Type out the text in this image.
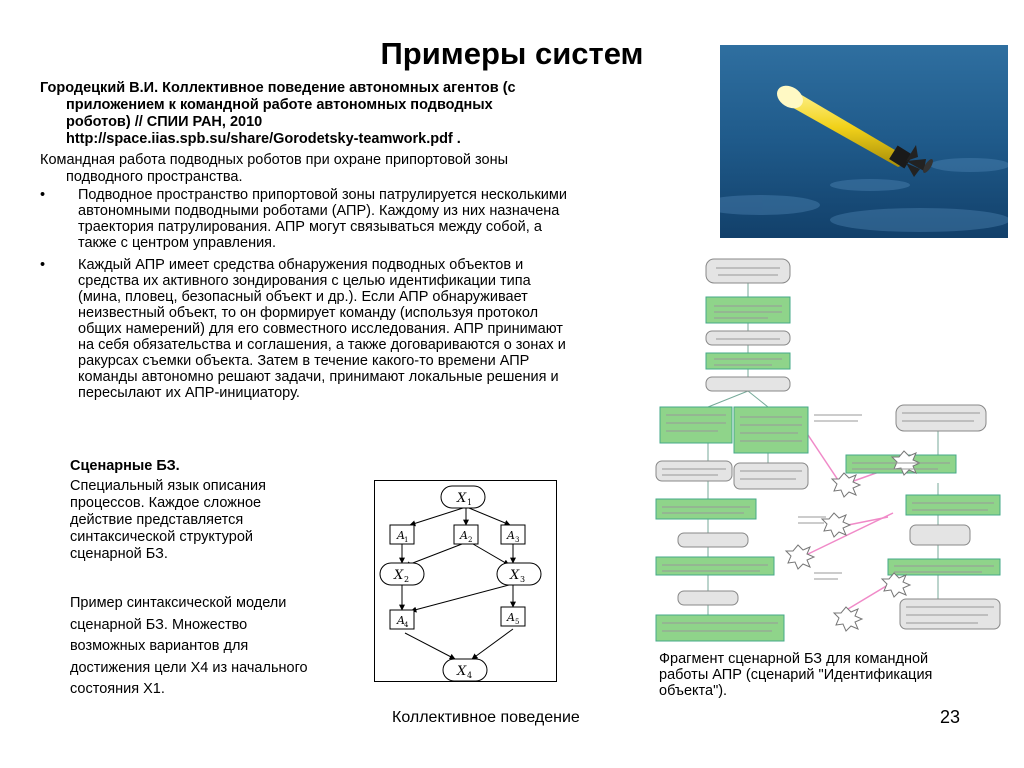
Примеры систем
Городецкий В.И. Коллективное поведение автономных агентов (с
приложением к командной работе автономных подводных
роботов) // СПИИ РАН, 2010
http://space.iias.spb.su/share/Gorodetsky-teamwork.pdf .
Командная работа подводных роботов при охране припортовой зоны
подводного пространства.
• Подводное пространство припортовой зоны патрулируется несколькими
автономными подводными роботами (АПР). Каждому из них назначена
траектория патрулирования. АПР могут связываться между собой, а
также с центром управления.
• Каждый АПР имеет средства обнаружения подводных объектов и
средства их активного зондирования с целью идентификации типа
(мина, пловец, безопасный объект и др.). Если АПР обнаруживает
неизвестный объект, то он формирует команду (используя протокол
общих намерений) для его совместного исследования. АПР принимают
на себя обязательства и соглашения, а также договариваются о зонах и
ракурсах съемки объекта. Затем в течение какого-то времени АПР
команды автономно решают задачи, принимают локальные решения и
пересылают их АПР-инициатору.
Сценарные БЗ.
Специальный язык описания
процессов. Каждое сложное
действие представляется
синтаксической структурой
сценарной БЗ.
Пример синтаксической модели
сценарной БЗ. Множество
возможных вариантов для
достижения цели X4 из начального
состояния X1.
X 1
A 1	A 2	A 3
X 2	X 3
A 4
A 5
X 4
Фрагмент сценарной БЗ для командной
работы АПР (сценарий "Идентификация
объекта").
Коллективное поведение	23
